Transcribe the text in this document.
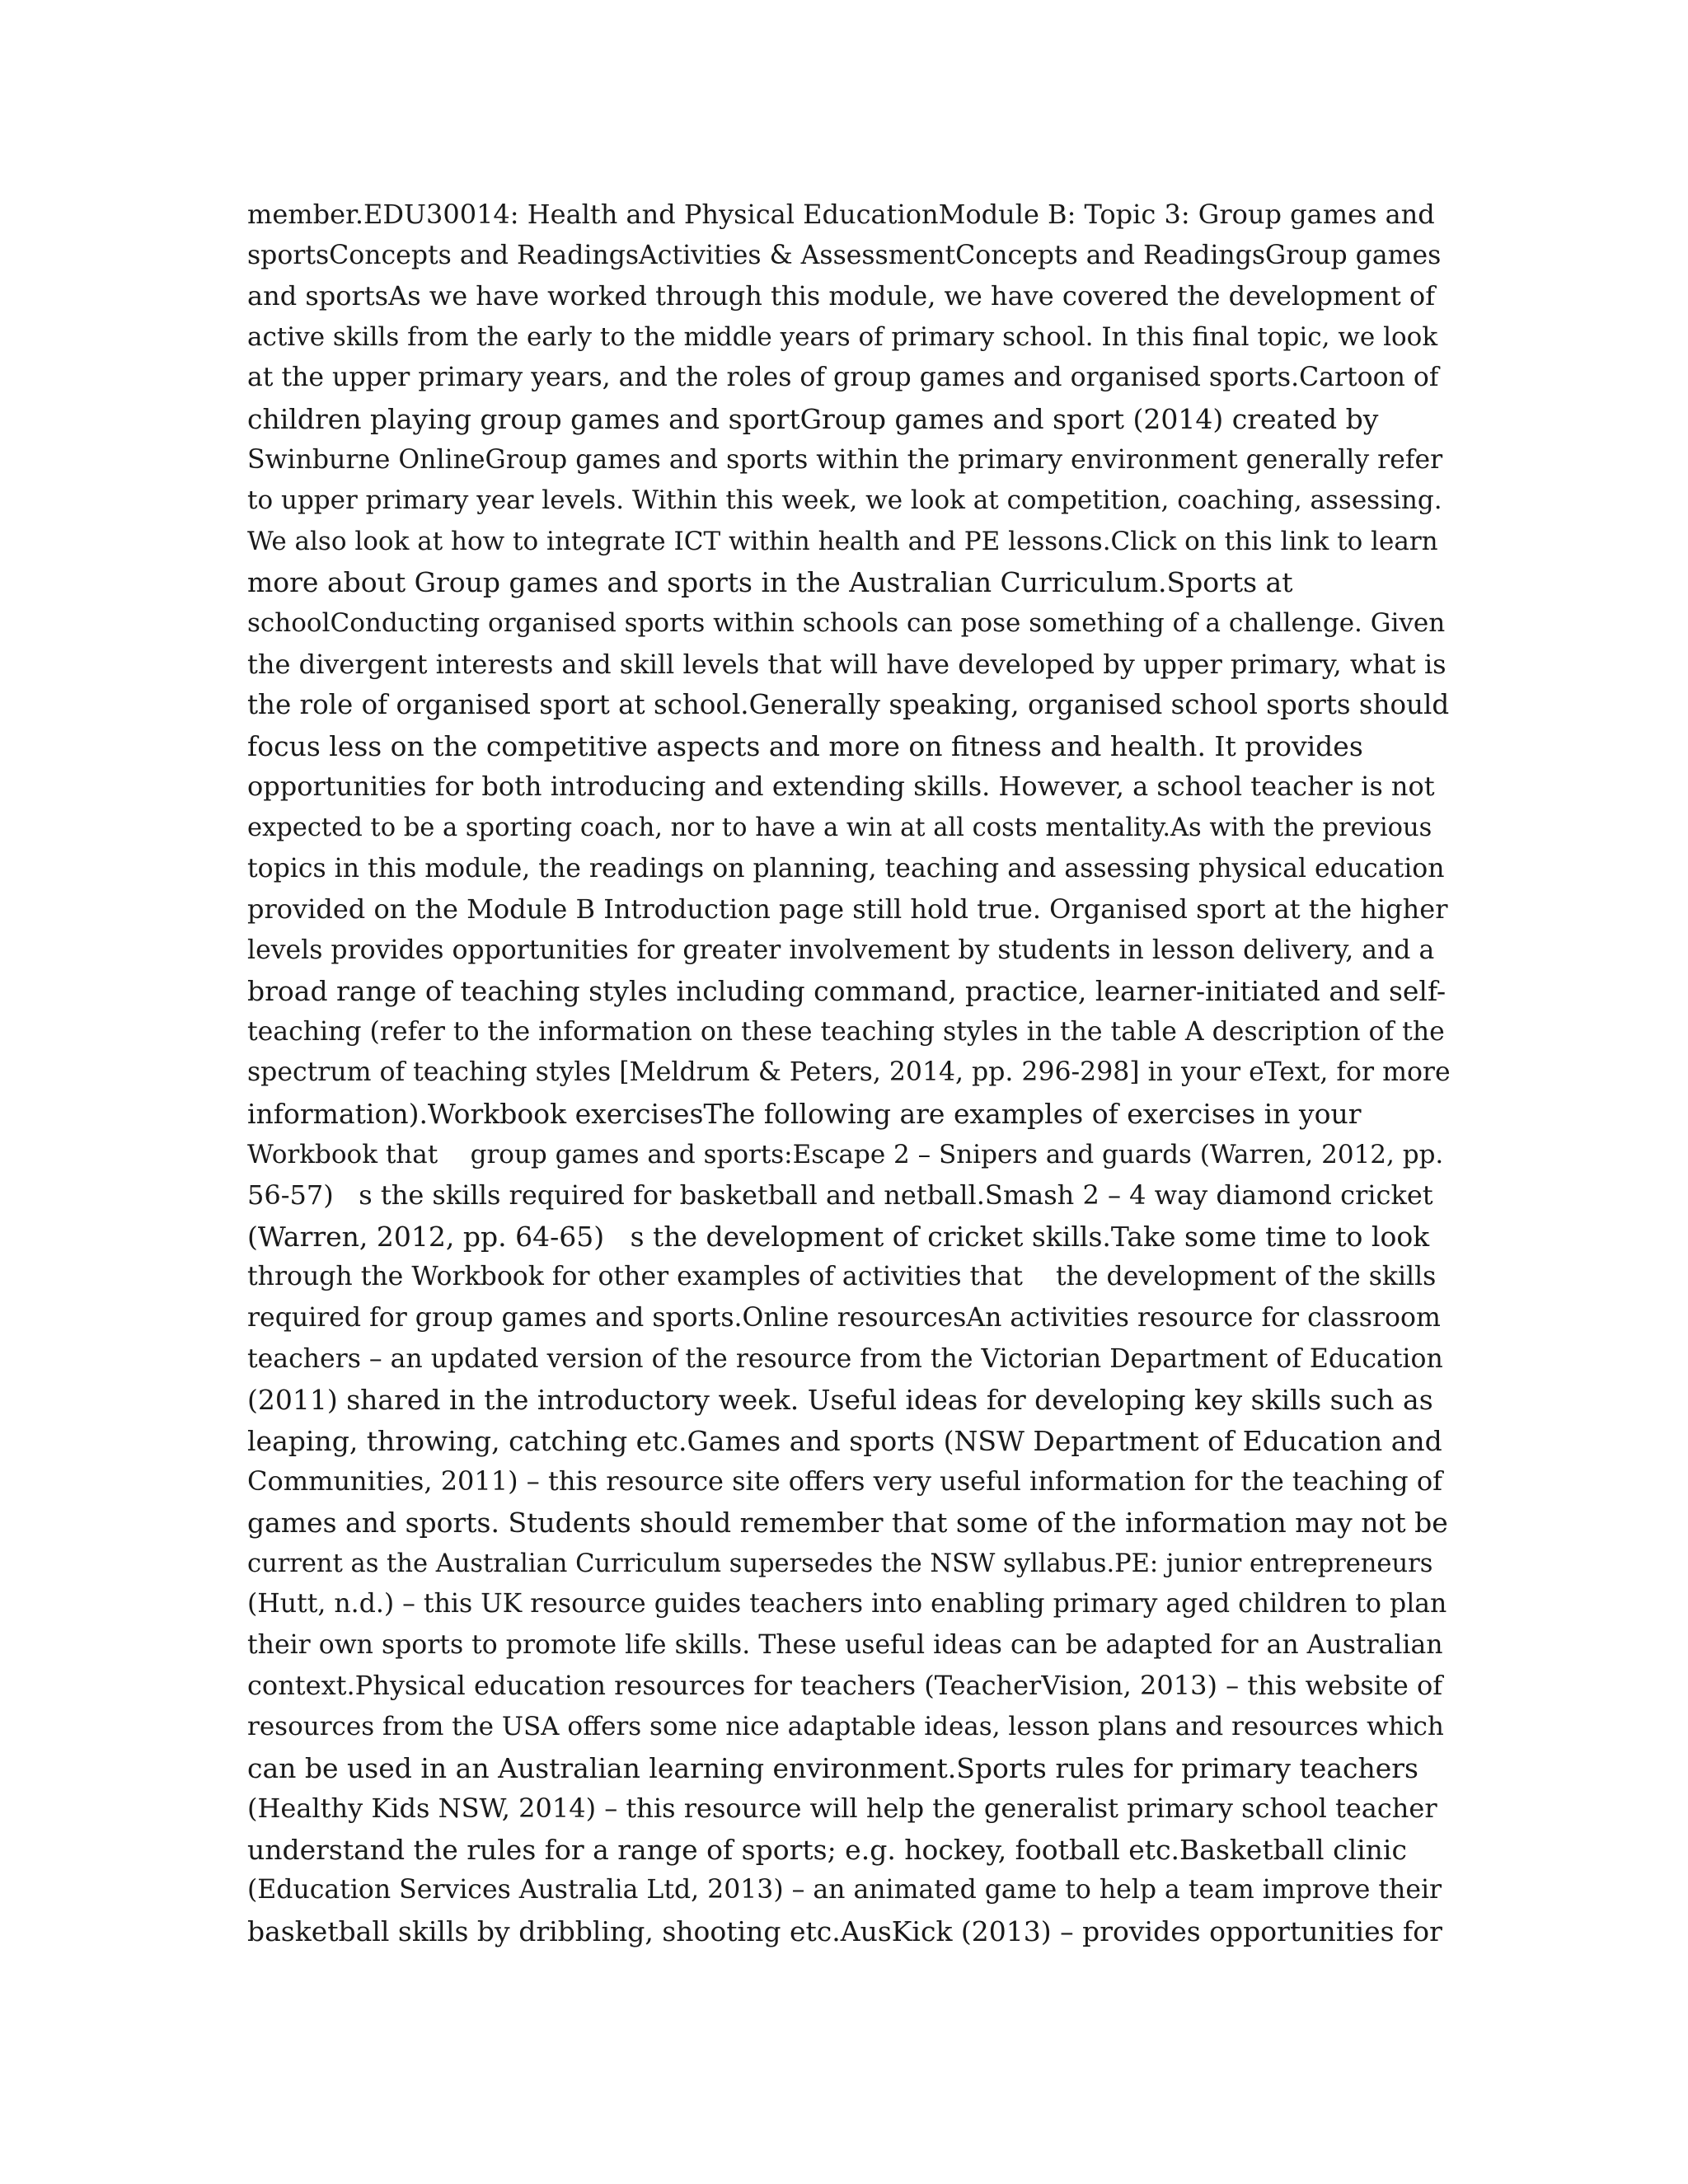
member.EDU30014: Health and Physical EducationModule B: Topic 3: Group games and
sportsConcepts and ReadingsActivities & AssessmentConcepts and ReadingsGroup games
and sportsAs we have worked through this module, we have covered the development of
active skills from the early to the middle years of primary school. In this final topic, we look
at the upper primary years, and the roles of group games and organised sports.Cartoon of
children playing group games and sportGroup games and sport (2014) created by
Swinburne OnlineGroup games and sports within the primary environment generally refer
to upper primary year levels. Within this week, we look at competition, coaching, assessing.
We also look at how to integrate ICT within health and PE lessons.Click on this link to learn
more about Group games and sports in the Australian Curriculum.Sports at
schoolConducting organised sports within schools can pose something of a challenge. Given
the divergent interests and skill levels that will have developed by upper primary, what is
the role of organised sport at school.Generally speaking, organised school sports should
focus less on the competitive aspects and more on fitness and health. It provides
opportunities for both introducing and extending skills. However, a school teacher is not
expected to be a sporting coach, nor to have a win at all costs mentality.As with the previous
topics in this module, the readings on planning, teaching and assessing physical education
provided on the Module B Introduction page still hold true. Organised sport at the higher
levels provides opportunities for greater involvement by students in lesson delivery, and a
broad range of teaching styles including command, practice, learner-initiated and self-
teaching (refer to the information on these teaching styles in the table A description of the
spectrum of teaching styles [Meldrum & Peters, 2014, pp. 296-298] in your eText, for more
information).Workbook exercisesThe following are examples of exercises in your
Workbook that    group games and sports:Escape 2 – Snipers and guards (Warren, 2012, pp.
56-57)   s the skills required for basketball and netball.Smash 2 – 4 way diamond cricket
(Warren, 2012, pp. 64-65)   s the development of cricket skills.Take some time to look
through the Workbook for other examples of activities that    the development of the skills
required for group games and sports.Online resourcesAn activities resource for classroom
teachers – an updated version of the resource from the Victorian Department of Education
(2011) shared in the introductory week. Useful ideas for developing key skills such as
leaping, throwing, catching etc.Games and sports (NSW Department of Education and
Communities, 2011) – this resource site offers very useful information for the teaching of
games and sports. Students should remember that some of the information may not be
current as the Australian Curriculum supersedes the NSW syllabus.PE: junior entrepreneurs
(Hutt, n.d.) – this UK resource guides teachers into enabling primary aged children to plan
their own sports to promote life skills. These useful ideas can be adapted for an Australian
context.Physical education resources for teachers (TeacherVision, 2013) – this website of
resources from the USA offers some nice adaptable ideas, lesson plans and resources which
can be used in an Australian learning environment.Sports rules for primary teachers
(Healthy Kids NSW, 2014) – this resource will help the generalist primary school teacher
understand the rules for a range of sports; e.g. hockey, football etc.Basketball clinic
(Education Services Australia Ltd, 2013) – an animated game to help a team improve their
basketball skills by dribbling, shooting etc.AusKick (2013) – provides opportunities for
